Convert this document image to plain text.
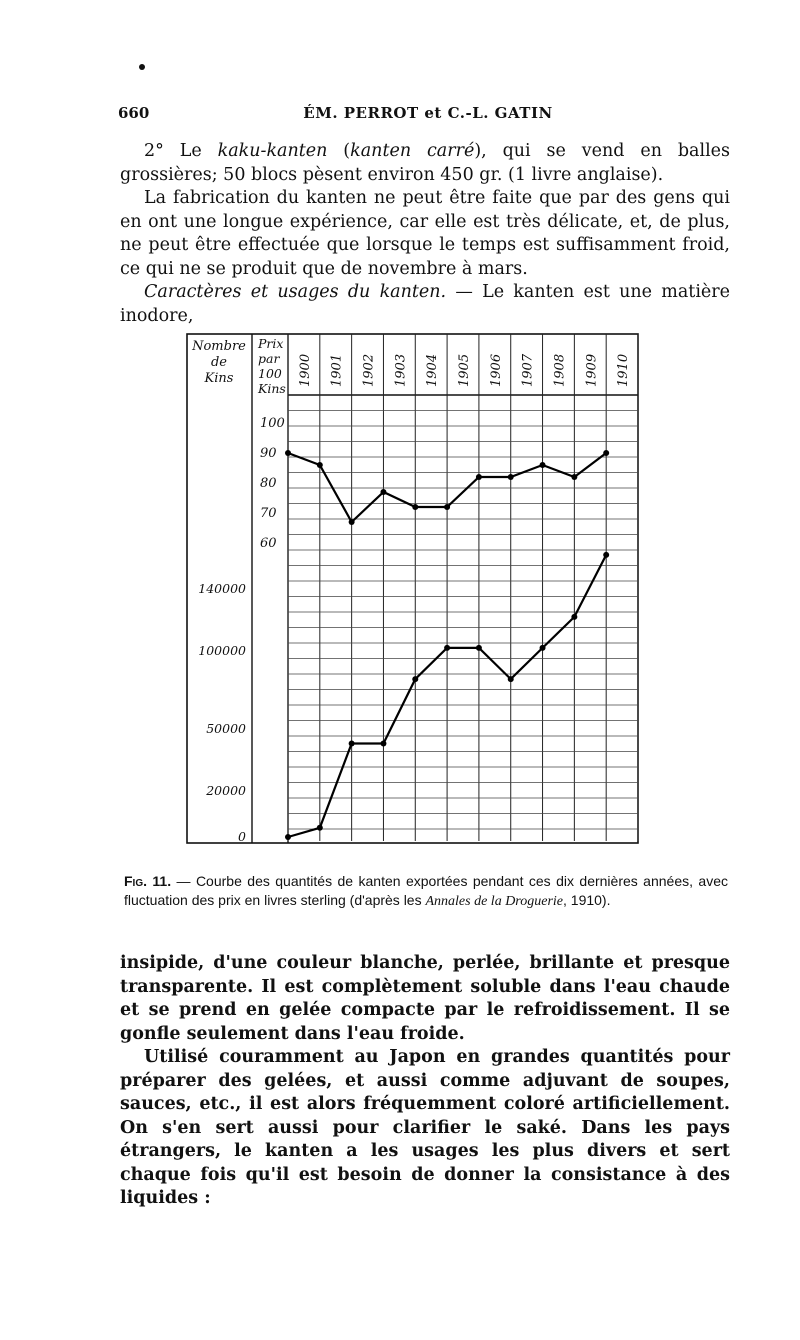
660	ÉM. PERROT et C.-L. GATIN

2° Le kaku-kanten (kanten carré), qui se vend en balles grossières; 50 blocs pèsent environ 450 gr. (1 livre anglaise).

La fabrication du kanten ne peut être faite que par des gens qui en ont une longue expérience, car elle est très délicate, et, de plus, ne peut être effectuée que lorsque le temps est suffisamment froid, ce qui ne se produit que de novembre à mars.

Caractères et usages du kanten. — Le kanten est une matière inodore,

1900 1901 1902 1903 1904 1905 1906 1907 1908 1909 1910
Nombre
de
Kins
Prix
par
100
Kins
100
90
80
70
60
140000
100000
50000
20000
0
Fig. 11. — Courbe des quantités de kanten exportées pendant ces dix dernières années, avec fluctuation des prix en livres sterling (d'après les Annales de la Droguerie, 1910).

insipide, d'une couleur blanche, perlée, brillante et presque transparente. Il est complètement soluble dans l'eau chaude et se prend en gelée compacte par le refroidissement. Il se gonfle seulement dans l'eau froide.

Utilisé couramment au Japon en grandes quantités pour préparer des gelées, et aussi comme adjuvant de soupes, sauces, etc., il est alors fréquemment coloré artificiellement. On s'en sert aussi pour clarifier le saké. Dans les pays étrangers, le kanten a les usages les plus divers et sert chaque fois qu'il est besoin de donner la consistance à des liquides :
